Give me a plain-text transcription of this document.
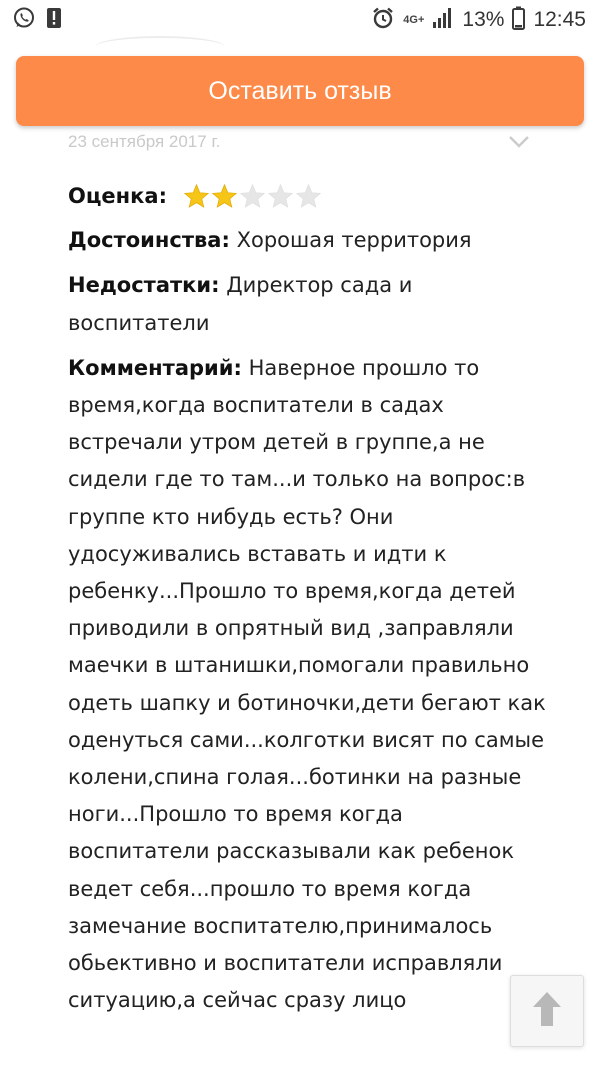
4G+ 13% 12:45
Оставить отзыв
23 сентября 2017 г.
Оценка:
Достоинства: Хорошая территория
Недостатки: Директор сада и воспитатели
Комментарий: Наверное прошло то время,когда воспитатели в садах встречали утром детей в группе,а не сидели где то там...и только на вопрос:в группе кто нибудь есть? Они удосуживались вставать и идти к ребенку...Прошло то время,когда детей приводили в опрятный вид ,заправляли маечки в штанишки,помогали правильно одеть шапку и ботиночки,дети бегают как оденуться сами...колготки висят по самые колени,спина голая...ботинки на разные ноги...Прошло то время когда воспитатели рассказывали как ребенок ведет себя...прошло то время когда замечание воспитателю,принималось обьективно и воспитатели исправляли ситуацию,а сейчас сразу лицо
